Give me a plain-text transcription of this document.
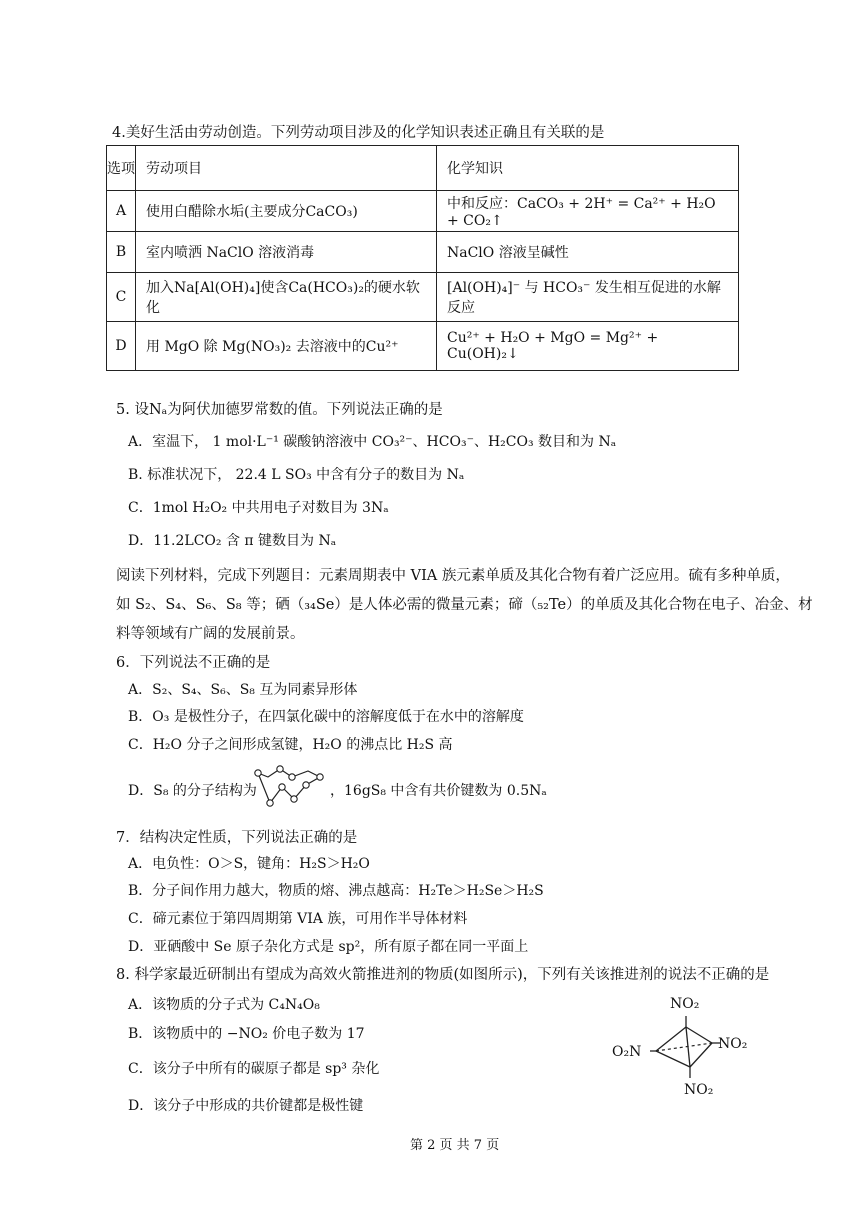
4.美好生活由劳动创造。下列劳动项目涉及的化学知识表述正确且有关联的是
选项	劳动项目	化学知识
A	使用白醋除水垢(主要成分CaCO₃)	中和反应：CaCO₃ + 2H⁺ = Ca²⁺ + H₂O + CO₂↑
B	室内喷洒 NaClO 溶液消毒	NaClO 溶液呈碱性
C	加入Na[Al(OH)₄]使含Ca(HCO₃)₂的硬水软化	[Al(OH)₄]⁻ 与 HCO₃⁻ 发生相互促进的水解反应
D	用 MgO 除 Mg(NO₃)₂ 去溶液中的Cu²⁺	Cu²⁺ + H₂O + MgO = Mg²⁺ + Cu(OH)₂↓
5. 设Nₐ为阿伏加德罗常数的值。下列说法正确的是
A．室温下， 1 mol·L⁻¹ 碳酸钠溶液中 CO₃²⁻、HCO₃⁻、H₂CO₃ 数目和为 Nₐ
B. 标准状况下， 22.4 L SO₃ 中含有分子的数目为 Nₐ
C．1mol H₂O₂ 中共用电子对数目为 3Nₐ
D．11.2LCO₂ 含 π 键数目为 Nₐ
阅读下列材料，完成下列题目：元素周期表中 VIA 族元素单质及其化合物有着广泛应用。硫有多种单质，
如 S₂、S₄、S₆、S₈ 等；硒（₃₄Se）是人体必需的微量元素；碲（₅₂Te）的单质及其化合物在电子、冶金、材
料等领域有广阔的发展前景。
6．下列说法不正确的是
A．S₂、S₄、S₆、S₈ 互为同素异形体
B．O₃ 是极性分子，在四氯化碳中的溶解度低于在水中的溶解度
C．H₂O 分子之间形成氢键，H₂O 的沸点比 H₂S 高
D．S₈ 的分子结构为	，16gS₈ 中含有共价键数为 0.5Nₐ
7．结构决定性质，下列说法正确的是
A．电负性：O＞S，键角：H₂S＞H₂O
B．分子间作用力越大，物质的熔、沸点越高：H₂Te＞H₂Se＞H₂S
C．碲元素位于第四周期第 VIA 族，可用作半导体材料
D．亚硒酸中 Se 原子杂化方式是 sp²，所有原子都在同一平面上
8. 科学家最近研制出有望成为高效火箭推进剂的物质(如图所示)，下列有关该推进剂的说法不正确的是
A．该物质的分子式为 C₄N₄O₈
B．该物质中的 −NO₂ 价电子数为 17
C．该分子中所有的碳原子都是 sp³ 杂化
D．该分子中形成的共价键都是极性键
NO₂
O₂N	NO₂
NO₂
第 2 页 共 7 页
